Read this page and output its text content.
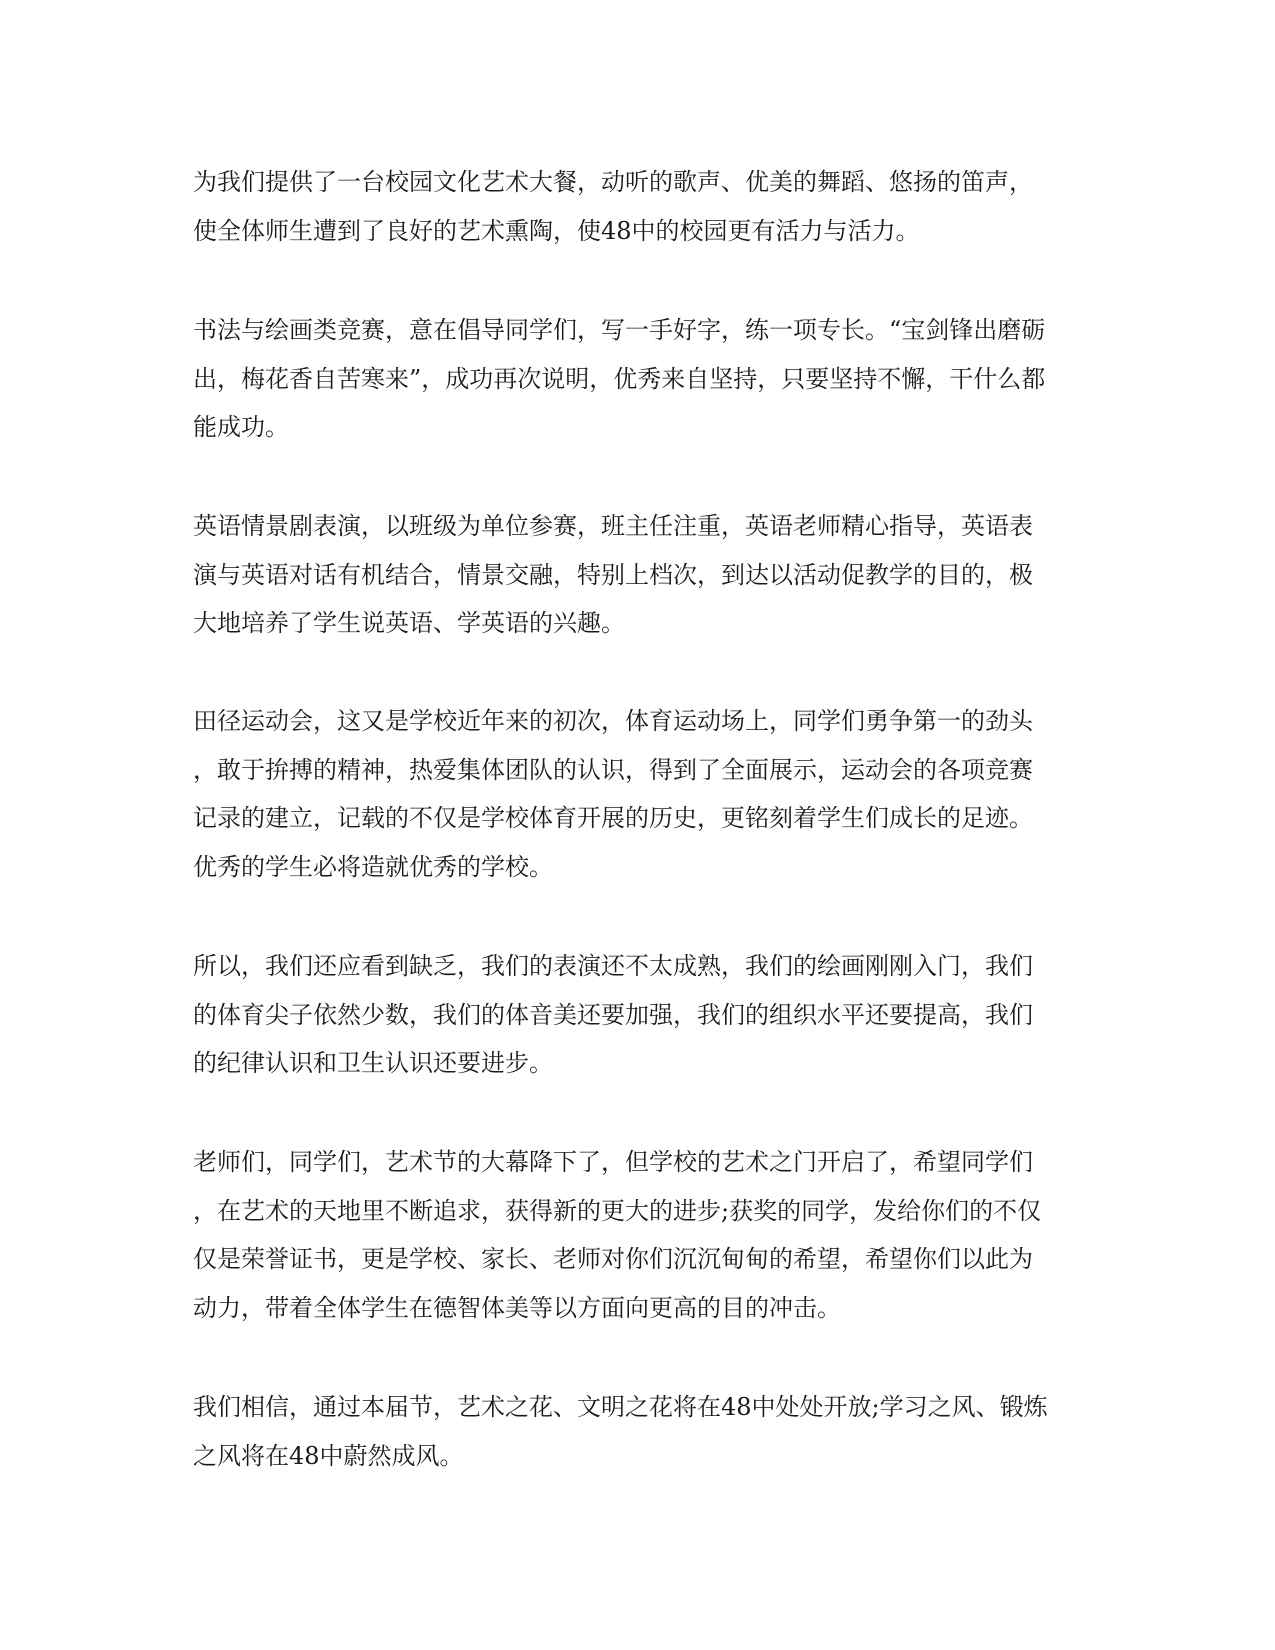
为我们提供了一台校园文化艺术大餐，动听的歌声、优美的舞蹈、悠扬的笛声，
使全体师生遭到了良好的艺术熏陶，使48中的校园更有活力与活力。

书法与绘画类竞赛，意在倡导同学们，写一手好字，练一项专长。“宝剑锋出磨砺
出，梅花香自苦寒来”，成功再次说明，优秀来自坚持，只要坚持不懈，干什么都
能成功。

英语情景剧表演，以班级为单位参赛，班主任注重，英语老师精心指导，英语表
演与英语对话有机结合，情景交融，特别上档次，到达以活动促教学的目的，极
大地培养了学生说英语、学英语的兴趣。

田径运动会，这又是学校近年来的初次，体育运动场上，同学们勇争第一的劲头
，敢于拚搏的精神，热爱集体团队的认识，得到了全面展示，运动会的各项竞赛
记录的建立，记载的不仅是学校体育开展的历史，更铭刻着学生们成长的足迹。
优秀的学生必将造就优秀的学校。

所以，我们还应看到缺乏，我们的表演还不太成熟，我们的绘画刚刚入门，我们
的体育尖子依然少数，我们的体音美还要加强，我们的组织水平还要提高，我们
的纪律认识和卫生认识还要进步。

老师们，同学们，艺术节的大幕降下了，但学校的艺术之门开启了，希望同学们
，在艺术的天地里不断追求，获得新的更大的进步;获奖的同学，发给你们的不仅
仅是荣誉证书，更是学校、家长、老师对你们沉沉甸甸的希望，希望你们以此为
动力，带着全体学生在德智体美等以方面向更高的目的冲击。

我们相信，通过本届节，艺术之花、文明之花将在48中处处开放;学习之风、锻炼
之风将在48中蔚然成风。
